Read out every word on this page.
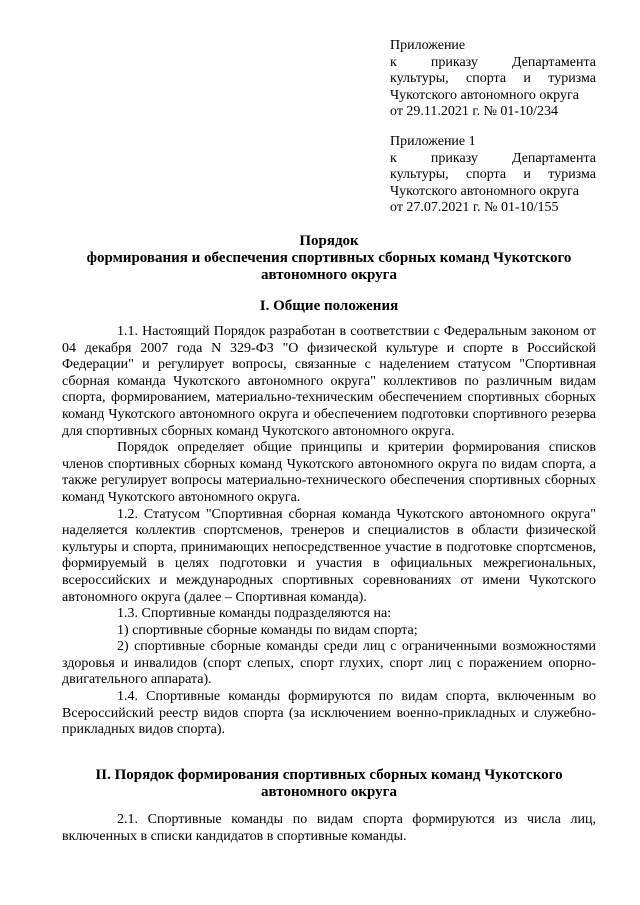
Приложение
к приказу Департамента
культуры, спорта и туризма
Чукотского автономного округа
от 29.11.2021 г. № 01-10/234
Приложение 1
к приказу Департамента
культуры, спорта и туризма
Чукотского автономного округа
от 27.07.2021 г. № 01-10/155
Порядок
формирования и обеспечения спортивных сборных команд Чукотского
автономного округа
I. Общие положения

1.1. Настоящий Порядок разработан в соответствии с Федеральным законом от 04 декабря 2007 года N 329-ФЗ "О физической культуре и спорте в Российской Федерации" и регулирует вопросы, связанные с наделением статусом "Спортивная сборная команда Чукотского автономного округа" коллективов по различным видам спорта, формированием, материально-техническим обеспечением спортивных сборных команд Чукотского автономного округа и обеспечением подготовки спортивного резерва для спортивных сборных команд Чукотского автономного округа.

Порядок определяет общие принципы и критерии формирования списков членов спортивных сборных команд Чукотского автономного округа по видам спорта, а также регулирует вопросы материально-технического обеспечения спортивных сборных команд Чукотского автономного округа.

1.2. Статусом "Спортивная сборная команда Чукотского автономного округа" наделяется коллектив спортсменов, тренеров и специалистов в области физической культуры и спорта, принимающих непосредственное участие в подготовке спортсменов, формируемый в целях подготовки и участия в официальных межрегиональных, всероссийских и международных спортивных соревнованиях от имени Чукотского автономного округа (далее – Спортивная команда).

1.3. Спортивные команды подразделяются на:

1) спортивные сборные команды по видам спорта;

2) спортивные сборные команды среди лиц с ограниченными возможностями здоровья и инвалидов (спорт слепых, спорт глухих, спорт лиц с поражением опорно-двигательного аппарата).

1.4. Спортивные команды формируются по видам спорта, включенным во Всероссийский реестр видов спорта (за исключением военно-прикладных и служебно-прикладных видов спорта).

II. Порядок формирования спортивных сборных команд Чукотского
автономного округа

2.1. Спортивные команды по видам спорта формируются из числа лиц, включенных в списки кандидатов в спортивные команды.
